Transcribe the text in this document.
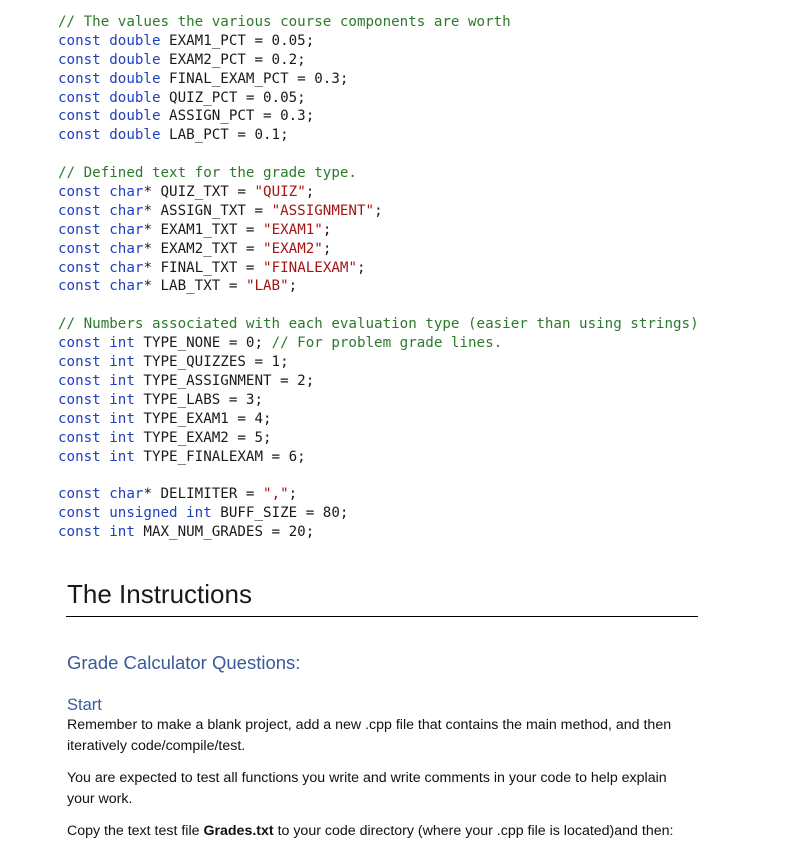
// The values the various course components are worth
const double EXAM1_PCT = 0.05;
const double EXAM2_PCT = 0.2;
const double FINAL_EXAM_PCT = 0.3;
const double QUIZ_PCT = 0.05;
const double ASSIGN_PCT = 0.3;
const double LAB_PCT = 0.1;
// Defined text for the grade type.
const char* QUIZ_TXT = "QUIZ";
const char* ASSIGN_TXT = "ASSIGNMENT";
const char* EXAM1_TXT = "EXAM1";
const char* EXAM2_TXT = "EXAM2";
const char* FINAL_TXT = "FINALEXAM";
const char* LAB_TXT = "LAB";
// Numbers associated with each evaluation type (easier than using strings)
const int TYPE_NONE = 0; // For problem grade lines.
const int TYPE_QUIZZES = 1;
const int TYPE_ASSIGNMENT = 2;
const int TYPE_LABS = 3;
const int TYPE_EXAM1 = 4;
const int TYPE_EXAM2 = 5;
const int TYPE_FINALEXAM = 6;
const char* DELIMITER = ",";
const unsigned int BUFF_SIZE = 80;
const int MAX_NUM_GRADES = 20;
The Instructions
Grade Calculator Questions:
Start

Remember to make a blank project, add a new .cpp file that contains the main method, and then iteratively code/compile/test.

You are expected to test all functions you write and write comments in your code to help explain your work.

Copy the text test file Grades.txt to your code directory (where your .cpp file is located)and then:
